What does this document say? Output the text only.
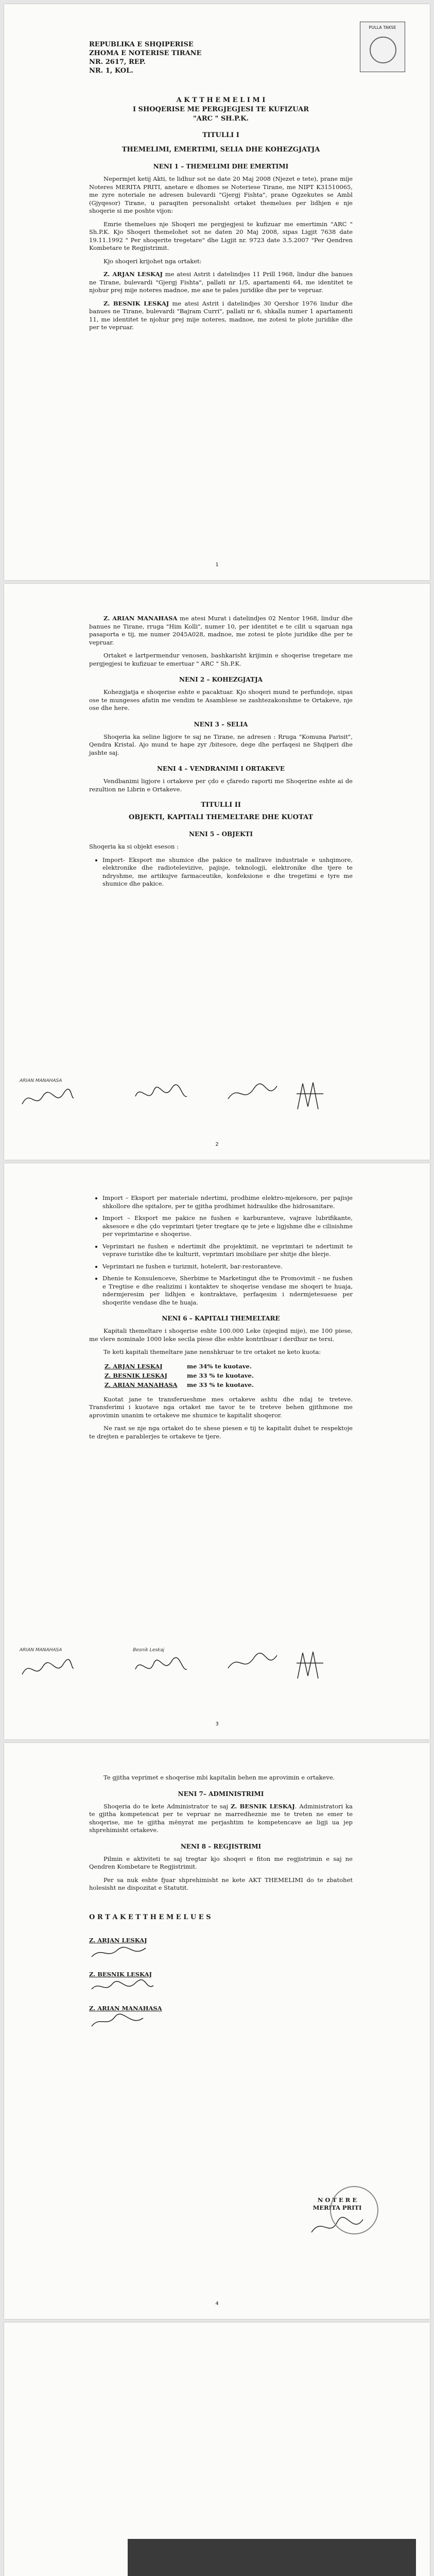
PULLA TAKSE
REPUBLIKA E SHQIPERISE
ZHOMA E NOTERISE TIRANE
NR. 2617, REP.
NR. 1, KOL.
A K T T H E M E L I M I
I SHOQERISE ME PERGJEGJESI TE KUFIZUAR
"ARC " SH.P.K.
TITULLI I
THEMELIMI, EMERTIMI, SELIA DHE KOHEZGJATJA
NENI 1 – THEMELIMI DHE EMERTIMI

Nepermjet ketij Akti, te lidhur sot ne date 20 Maj 2008 (Njezet e tete), prane mije Noteres MERITA PRITI, anetare e dhomes se Noteriese Tirane, me NIPT K31510065, me zyre noteriale ne adresen bulevardi "Gjergj Fishta", prane Ogzekutes se Ambl (Gjyqesor) Tirane, u paraqiten personalisht ortaket themelues per lidhjen e nje shoqerie si me poshte vijon:

Emrie themelues nje Shoqeri me pergjegjesi te kufizuar me emertimin "ARC " Sh.P.K. Kjo Shoqeri themelohet sot ne daten 20 Maj 2008, sipas Ligjit 7638 date 19.11.1992 " Per shoqerite tregetare" dhe Ligjit nr. 9723 date 3.5.2007 "Per Qendren Kombetare te Regjistrimit.

Kjo shoqeri krijohet nga ortaket:

Z. ARJAN LESKAJ me atesi Astrit i datelindjes 11 Prill 1968, lindur dhe banues ne Tirane, bulevardi "Gjergj Fishta", pallati nr 1/5, apartamenti 64, me identitet te njohur prej mije noteres madnoe, me ane te pales juridike dhe per te vepruar.

Z. BESNIK LESKAJ me atesi Astrit i datelindjes 30 Qershor 1976 lindur dhe banues ne Tirane, bulevardi "Bajram Curri", pallati nr 6, shkalla numer 1 apartamenti 11, me identitet te njohur prej mije noteres, madnoe, me zotesi te plote juridike dhe per te vepruar.

1

Z. ARIAN MANAHASA me atesi Murat i datelindjes 02 Nentor 1968, lindur dhe banues ne Tirane, rruga "Him Kolli", numer 10, per identitet e te cilit u sqaruan nga pasaporta e tij, me numer 2045A028, madnoe, me zotesi te plote juridike dhe per te vepruar.

Ortaket e lartpermendur venosen, bashkarisht krijimin e shoqerise tregetare me pergjegjesi te kufizuar te emertuar " ARC " Sh.P.K.

NENI 2 – KOHEZGJATJA

Kohezgjatja e shoqerise eshte e pacaktuar. Kjo shoqeri mund te perfundoje, sipas ose te mungeses afatin me vendim te Asamblese se zashtezakonshme te Ortakeve, nje ose dhe here.

NENI 3 – SELIA

Shoqeria ka seline ligjore te saj ne Tirane, ne adresen : Rruga "Komuna Parisit", Qendra Kristal. Ajo mund te hape zyr /bitesore, dege dhe perfaqesi ne Shqiperi dhe jashte saj.

NENI 4 – VENDRANIMI I ORTAKEVE

Vendbanimi ligjore i ortakeve per çdo e çfaredo raporti me Shoqerine eshte ai de rezultion ne Librin e Ortakeve.

TITULLI II
OBJEKTI, KAPITALI THEMELTARE DHE KUOTAT
NENI 5 – OBJEKTI

Shoqeria ka si objekt eseson :

• Import- Eksport me shumice dhe pakice te mallrave industriale e ushqimore, elektronike dhe radiotelevizive, pajisje, teknologji, elektronike dhe tjere te ndryshme, me artikujve farmaceutike, konfeksione e dhe tregetimi e tyre me shumice dhe pakice.
ARIAN MANAHASA
2
• Import – Eksport per materiale ndertimi, prodhime elektro-mjekesore, per pajisje shkollore dhe spitalore, per te gjitha prodhimet hidraulike dhe hidrosanitare.
• Import – Eksport me pakice ne fushen e karburanteve, vajrave lubrifikante, aksesore e dhe çdo veprimtari tjeter tregtare qe te jete e ligjshme dhe e cilisishme per veprimtarine e shoqerise.
• Veprimtari ne fushen e ndertimit dhe projektimit, ne veprimtari te ndertimit te veprave turistike dhe te kulturit, veprimtari imobiliare per shitje dhe blerje.
• Veprimtari ne fushen e turizmit, hotelerit, bar-restoranteve.
• Dhenie te Konsulenceve, Sherbime te Marketingut dhe te Promovimit – ne fushen e Tregtise e dhe realizimi i kontaktev te shoqerise vendase me shoqeri te huaja, ndermjeresim per lidhjen e kontraktave, perfaqesim i ndermjetesuese per shoqerite vendase dhe te huaja.
NENI 6 – KAPITALI THEMELTARE

Kapitali themeltare i shoqerise eshte 100.000 Leke (njeqind mije), me 100 piese, me vlere nominale 1000 leke secila piese dhe eshte kontribuar i derdhur ne tersi.

Te keti kapitali themeltare jane nenshkruar te tre ortaket ne keto kuota:

Z. ARJAN LESKAJ	me 34% te kuotave.
Z. BESNIK LESKAJ	me 33 % te kuotave.
Z. ARIAN MANAHASA me 33 % te kuotave.

Kuotat jane te transferueshme mes ortakeve ashtu dhe ndaj te treteve. Transferimi i kuotave nga ortaket me tavor te te treteve behen gjithmone me aprovimin unanim te ortakeve me shumice te kapitalit shoqeror.

Ne rast se nje nga ortaket do te shese piesen e tij te kapitalit duhet te respektoje te drejten e parablerjes te ortakeve te tjere.

ARIAN MANAHASA	Besnik Leskaj
3

Te gjitha veprimet e shoqerise mbi kapitalin behen me aprovimin e ortakeve.

NENI 7– ADMINISTRIMI

Shoqeria do te kete Administrator te saj Z. BESNIK LESKAJ. Administratori ka te gjitha kompetencat per te vepruar ne marredheznie me te treten ne emer te shoqerise, me te gjitha mënyrat me perjashtim te kompetencave ae ligji ua jep shprehimisht ortakeve.

NENI 8 – REGJISTRIMI

Pilmin e aktiviteti te saj tregtar kjo shoqeri e fiton me regjistrimin e saj ne Qendren Kombetare te Regjistrimit.

Per sa nuk eshte fjuar shprehimisht ne kete AKT THEMELIMI do te zbatohet holesisht ne dispozitat e Statutit.

O R T A K E T T H E M E L U E S
Z. ARJAN LESKAJ
Z. BESNIK LESKAJ
Z. ARIAN MANAHASA
N O T E R E
MERITA PRITI
4
